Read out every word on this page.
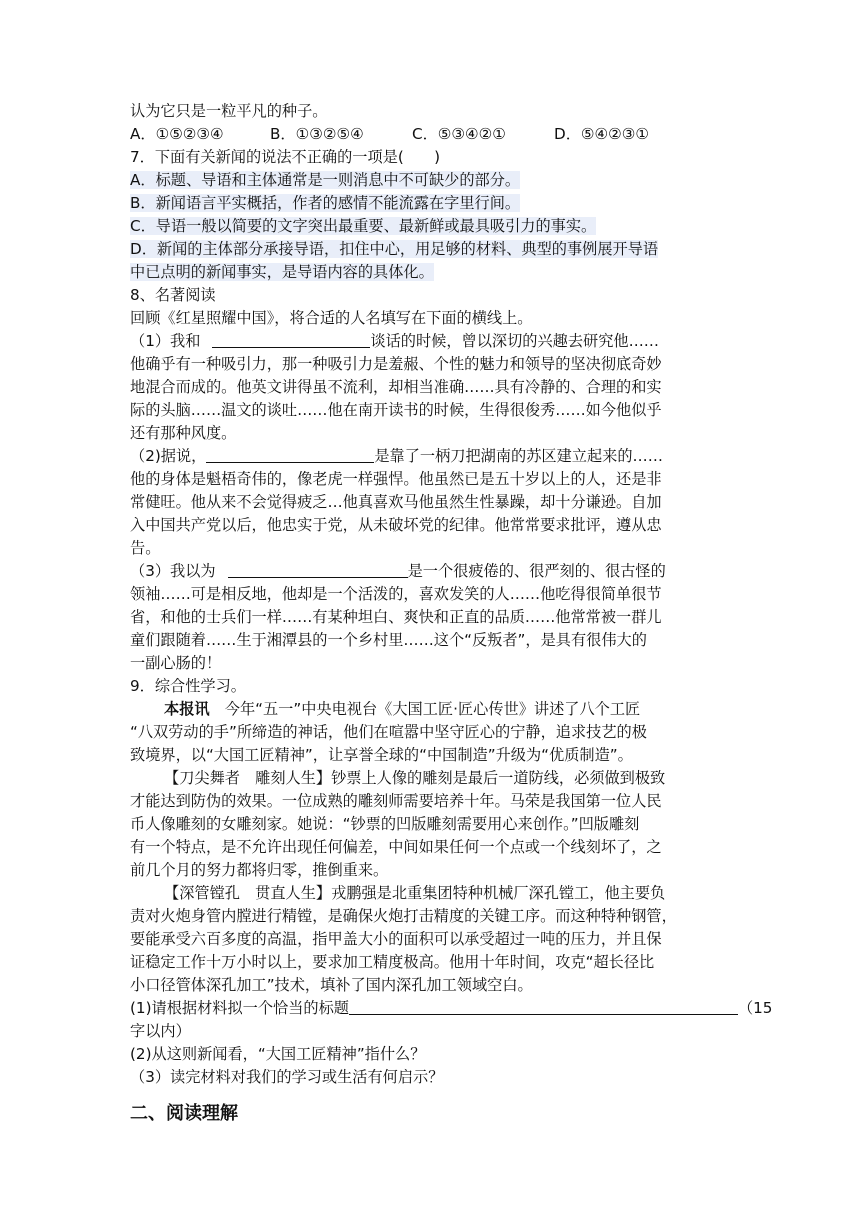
认为它只是一粒平凡的种子。
A．①⑤②③④	B．①③②⑤④	C．⑤③④②①	D．⑤④②③①
7．下面有关新闻的说法不正确的一项是(　　)
A．标题、导语和主体通常是一则消息中不可缺少的部分。
B．新闻语言平实概括，作者的感情不能流露在字里行间。
C．导语一般以简要的文字突出最重要、最新鲜或最具吸引力的事实。
D．新闻的主体部分承接导语，扣住中心，用足够的材料、典型的事例展开导语
中已点明的新闻事实，是导语内容的具体化。
8、名著阅读
回顾《红星照耀中国》，将合适的人名填写在下面的横线上。
（1）我和	谈话的时候，曾以深切的兴趣去研究他……
他确乎有一种吸引力，那一种吸引力是羞赧、个性的魅力和领导的坚决彻底奇妙
地混合而成的。他英文讲得虽不流利，却相当准确……具有冷静的、合理的和实
际的头脑……温文的谈吐……他在南开读书的时候，生得很俊秀……如今他似乎
还有那种风度。
（2)据说，	是靠了一柄刀把湖南的苏区建立起来的……
他的身体是魁梧奇伟的，像老虎一样强悍。他虽然已是五十岁以上的人，还是非
常健旺。他从来不会觉得疲乏…他真喜欢马他虽然生性暴躁，却十分谦逊。自加
入中国共产党以后，他忠实于党，从未破坏党的纪律。他常常要求批评，遵从忠
告。
（3）我以为	是一个很疲倦的、很严刻的、很古怪的
领袖……可是相反地，他却是一个活泼的，喜欢发笑的人……他吃得很简单很节
省，和他的士兵们一样……有某种坦白、爽快和正直的品质……他常常被一群儿
童们跟随着……生于湘潭县的一个乡村里……这个“反叛者”，是具有很伟大的
一副心肠的！
9．综合性学习。
本报讯　今年“五一”中央电视台《大国工匠·匠心传世》讲述了八个工匠
“八双劳动的手”所缔造的神话，他们在喧嚣中坚守匠心的宁静，追求技艺的极
致境界，以“大国工匠精神”，让享誉全球的“中国制造”升级为“优质制造”。
【刀尖舞者　雕刻人生】钞票上人像的雕刻是最后一道防线，必须做到极致
才能达到防伪的效果。一位成熟的雕刻师需要培养十年。马荣是我国第一位人民
币人像雕刻的女雕刻家。她说：“钞票的凹版雕刻需要用心来创作。”凹版雕刻
有一个特点，是不允许出现任何偏差，中间如果任何一个点或一个线刻坏了，之
前几个月的努力都将归零，推倒重来。
【深管镗孔　贯直人生】戎鹏强是北重集团特种机械厂深孔镗工，他主要负
责对火炮身管内膛进行精镗，是确保火炮打击精度的关键工序。而这种特种钢管，
要能承受六百多度的高温，指甲盖大小的面积可以承受超过一吨的压力，并且保
证稳定工作十万小时以上，要求加工精度极高。他用十年时间，攻克“超长径比
小口径管体深孔加工”技术，填补了国内深孔加工领域空白。
(1)请根据材料拟一个恰当的标题	（15
字以内）
(2)从这则新闻看，“大国工匠精神”指什么？
（3）读完材料对我们的学习或生活有何启示？
二、阅读理解
